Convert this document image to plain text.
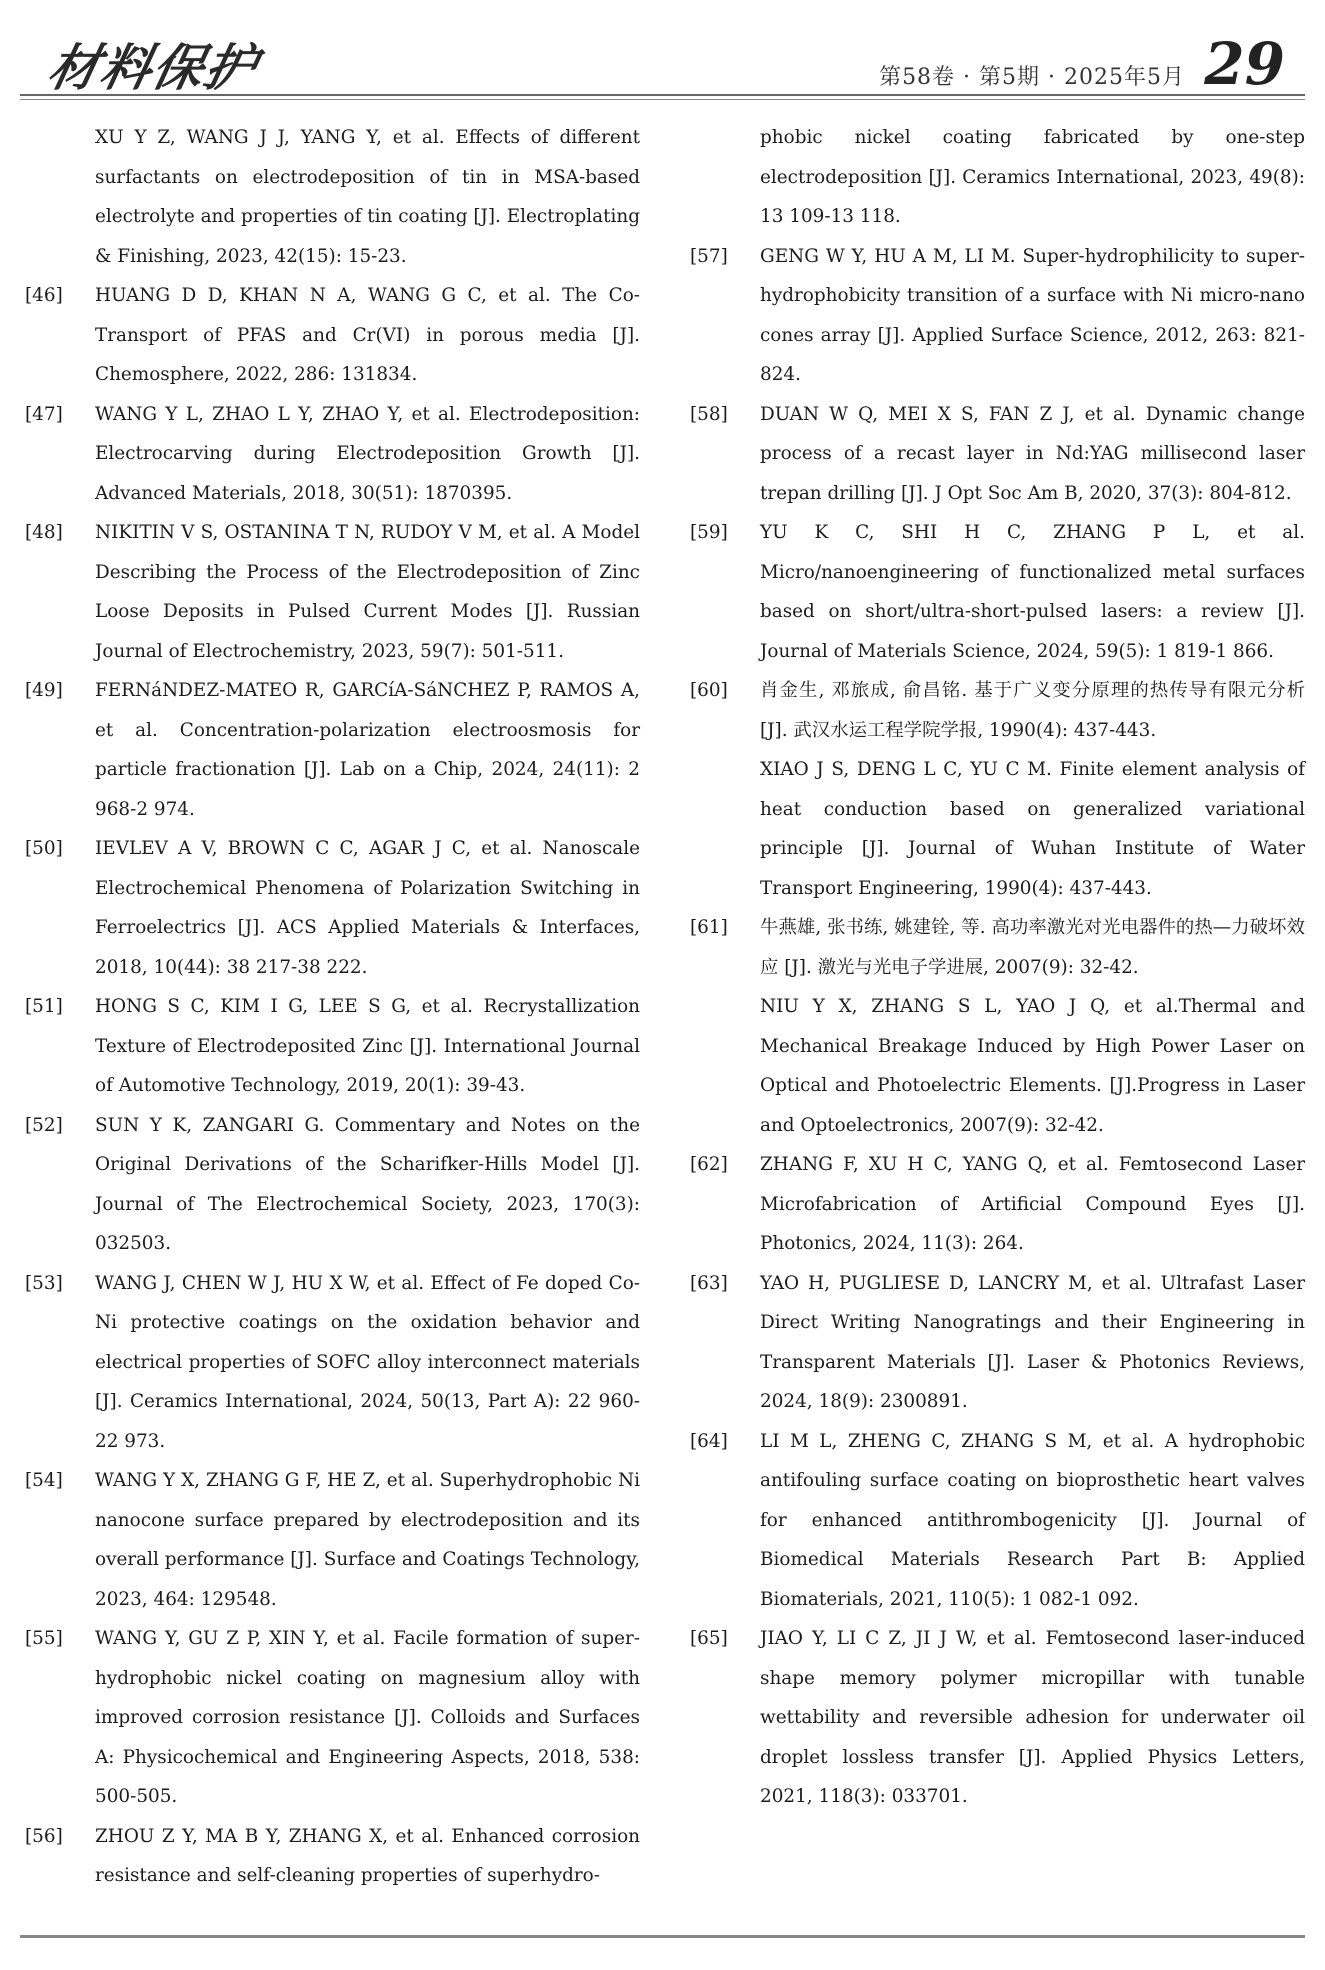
材料保护	第58卷 · 第5期 · 2025年5月 29
XU Y Z, WANG J J, YANG Y, et al. Effects of different surfactants on electrodeposition of tin in MSA-based electrolyte and properties of tin coating [J]. Electroplating & Finishing, 2023, 42(15): 15-23.
[46]	HUANG D D, KHAN N A, WANG G C, et al. The Co-Transport of PFAS and Cr(VI) in porous media [J]. Chemosphere, 2022, 286: 131834.
[47]	WANG Y L, ZHAO L Y, ZHAO Y, et al. Electrodeposition: Electrocarving during Electrodeposition Growth [J]. Advanced Materials, 2018, 30(51): 1870395.
[48]	NIKITIN V S, OSTANINA T N, RUDOY V M, et al. A Model Describing the Process of the Electrodeposition of Zinc Loose Deposits in Pulsed Current Modes [J]. Russian Journal of Electrochemistry, 2023, 59(7): 501-511.
[49]	FERNáNDEZ-MATEO R, GARCíA-SáNCHEZ P, RAMOS A, et al. Concentration-polarization electroosmosis for particle fractionation [J]. Lab on a Chip, 2024, 24(11): 2 968-2 974.
[50]	IEVLEV A V, BROWN C C, AGAR J C, et al. Nanoscale Electrochemical Phenomena of Polarization Switching in Ferroelectrics [J]. ACS Applied Materials & Interfaces, 2018, 10(44): 38 217-38 222.
[51]	HONG S C, KIM I G, LEE S G, et al. Recrystallization Texture of Electrodeposited Zinc [J]. International Journal of Automotive Technology, 2019, 20(1): 39-43.
[52]	SUN Y K, ZANGARI G. Commentary and Notes on the Original Derivations of the Scharifker-Hills Model [J]. Journal of The Electrochemical Society, 2023, 170(3): 032503.
[53]	WANG J, CHEN W J, HU X W, et al. Effect of Fe doped Co-Ni protective coatings on the oxidation behavior and electrical properties of SOFC alloy interconnect materials [J]. Ceramics International, 2024, 50(13, Part A): 22 960-22 973.
[54]	WANG Y X, ZHANG G F, HE Z, et al. Superhydrophobic Ni nanocone surface prepared by electrodeposition and its overall performance [J]. Surface and Coatings Technology, 2023, 464: 129548.
[55]	WANG Y, GU Z P, XIN Y, et al. Facile formation of super-hydrophobic nickel coating on magnesium alloy with improved corrosion resistance [J]. Colloids and Surfaces A: Physicochemical and Engineering Aspects, 2018, 538: 500-505.
[56]	ZHOU Z Y, MA B Y, ZHANG X, et al. Enhanced corrosion resistance and self-cleaning properties of superhydro-
phobic nickel coating fabricated by one-step electrodeposition [J]. Ceramics International, 2023, 49(8): 13 109-13 118.
[57]	GENG W Y, HU A M, LI M. Super-hydrophilicity to super-hydrophobicity transition of a surface with Ni micro-nano cones array [J]. Applied Surface Science, 2012, 263: 821-824.
[58]	DUAN W Q, MEI X S, FAN Z J, et al. Dynamic change process of a recast layer in Nd:YAG millisecond laser trepan drilling [J]. J Opt Soc Am B, 2020, 37(3): 804-812.
[59]	YU K C, SHI H C, ZHANG P L, et al. Micro/nanoengineering of functionalized metal surfaces based on short/ultra-short-pulsed lasers: a review [J]. Journal of Materials Science, 2024, 59(5): 1 819-1 866.
[60]	肖金生, 邓旅成, 俞昌铭. 基于广义变分原理的热传导有限元分析 [J]. 武汉水运工程学院学报, 1990(4): 437-443.
XIAO J S, DENG L C, YU C M. Finite element analysis of heat conduction based on generalized variational principle [J]. Journal of Wuhan Institute of Water Transport Engineering, 1990(4): 437-443.
[61]	牛燕雄, 张书练, 姚建铨, 等. 高功率激光对光电器件的热—力破坏效应 [J]. 激光与光电子学进展, 2007(9): 32-42.
NIU Y X, ZHANG S L, YAO J Q, et al.Thermal and Mechanical Breakage Induced by High Power Laser on Optical and Photoelectric Elements. [J].Progress in Laser and Optoelectronics, 2007(9): 32-42.
[62]	ZHANG F, XU H C, YANG Q, et al. Femtosecond Laser Microfabrication of Artificial Compound Eyes [J]. Photonics, 2024, 11(3): 264.
[63]	YAO H, PUGLIESE D, LANCRY M, et al. Ultrafast Laser Direct Writing Nanogratings and their Engineering in Transparent Materials [J]. Laser & Photonics Reviews, 2024, 18(9): 2300891.
[64]	LI M L, ZHENG C, ZHANG S M, et al. A hydrophobic antifouling surface coating on bioprosthetic heart valves for enhanced antithrombogenicity [J]. Journal of Biomedical Materials Research Part B: Applied Biomaterials, 2021, 110(5): 1 082-1 092.
[65]	JIAO Y, LI C Z, JI J W, et al. Femtosecond laser-induced shape memory polymer micropillar with tunable wettability and reversible adhesion for underwater oil droplet lossless transfer [J]. Applied Physics Letters, 2021, 118(3): 033701.
